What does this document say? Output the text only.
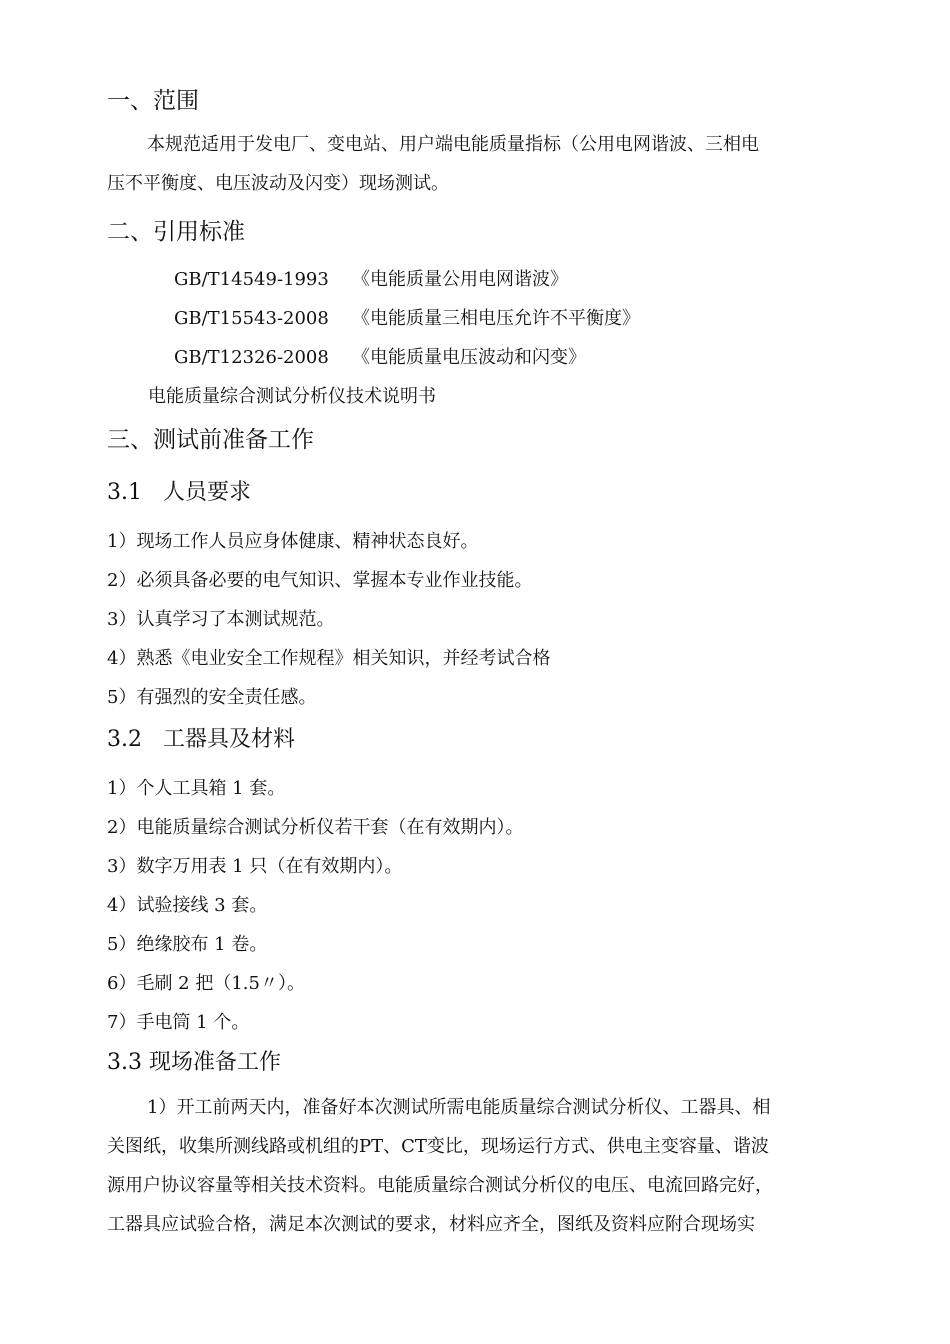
一、范围
本规范适用于发电厂、变电站、用户端电能质量指标（公用电网谐波、三相电
压不平衡度、电压波动及闪变）现场测试。
二、引用标准
GB/T14549-1993 《电能质量公用电网谐波》
GB/T15543-2008 《电能质量三相电压允许不平衡度》
GB/T12326-2008 《电能质量电压波动和闪变》
电能质量综合测试分析仪技术说明书
三、测试前准备工作
3.1 人员要求
1）现场工作人员应身体健康、精神状态良好。
2）必须具备必要的电气知识、掌握本专业作业技能。
3）认真学习了本测试规范。
4）熟悉《电业安全工作规程》相关知识，并经考试合格
5）有强烈的安全责任感。
3.2 工器具及材料
1）个人工具箱 1 套。
2）电能质量综合测试分析仪若干套（在有效期内）。
3）数字万用表 1 只（在有效期内）。
4）试验接线 3 套。
5）绝缘胶布 1 卷。
6）毛刷 2 把（1.5〃）。
7）手电筒 1 个。
3.3 现场准备工作
1）开工前两天内，准备好本次测试所需电能质量综合测试分析仪、工器具、相
关图纸，收集所测线路或机组的PT、CT变比，现场运行方式、供电主变容量、谐波
源用户协议容量等相关技术资料。电能质量综合测试分析仪的电压、电流回路完好，
工器具应试验合格，满足本次测试的要求，材料应齐全，图纸及资料应附合现场实
